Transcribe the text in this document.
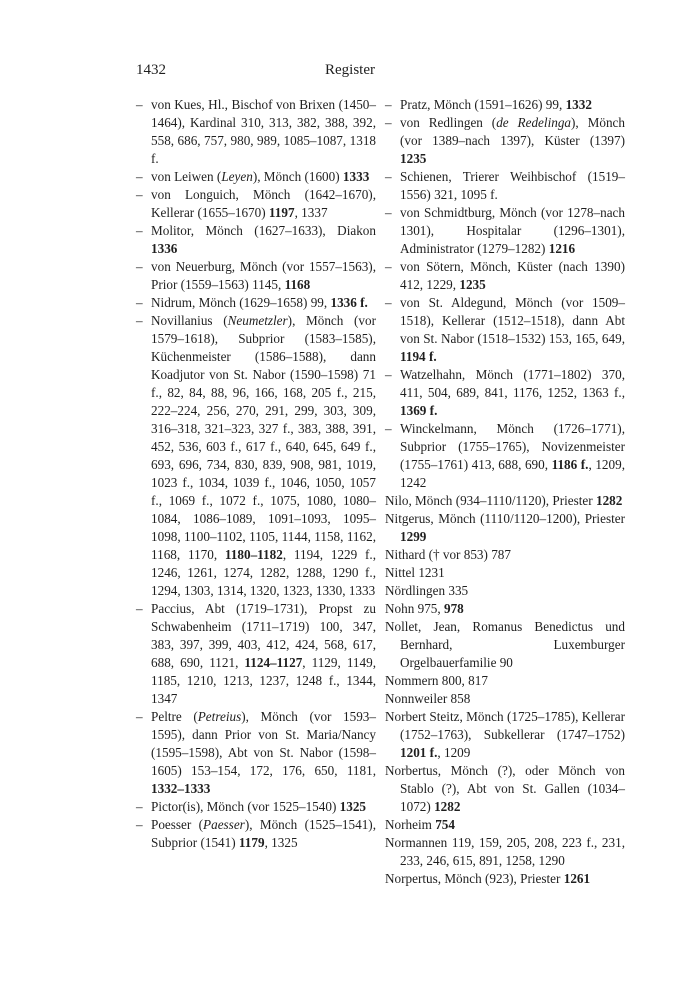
1432	Register

– von Kues, Hl., Bischof von Brixen (1450–1464), Kardinal 310, 313, 382, 388, 392, 558, 686, 757, 980, 989, 1085–1087, 1318 f.

– von Leiwen (Leyen), Mönch (1600) 1333

– von Longuich, Mönch (1642–1670), Kellerar (1655–1670) 1197, 1337

– Molitor, Mönch (1627–1633), Diakon 1336

– von Neuerburg, Mönch (vor 1557–1563), Prior (1559–1563) 1145, 1168

– Nidrum, Mönch (1629–1658) 99, 1336 f.

– Novillanius (Neumetzler), Mönch (vor 1579–1618), Subprior (1583–1585), Küchenmeister (1586–1588), dann Koadjutor von St. Nabor (1590–1598) 71 f., 82, 84, 88, 96, 166, 168, 205 f., 215, 222–224, 256, 270, 291, 299, 303, 309, 316–318, 321–323, 327 f., 383, 388, 391, 452, 536, 603 f., 617 f., 640, 645, 649 f., 693, 696, 734, 830, 839, 908, 981, 1019, 1023 f., 1034, 1039 f., 1046, 1050, 1057 f., 1069 f., 1072 f., 1075, 1080, 1080–1084, 1086–1089, 1091–1093, 1095–1098, 1100–1102, 1105, 1144, 1158, 1162, 1168, 1170, 1180–1182, 1194, 1229 f., 1246, 1261, 1274, 1282, 1288, 1290 f., 1294, 1303, 1314, 1320, 1323, 1330, 1333

– Paccius, Abt (1719–1731), Propst zu Schwabenheim (1711–1719) 100, 347, 383, 397, 399, 403, 412, 424, 568, 617, 688, 690, 1121, 1124–1127, 1129, 1149, 1185, 1210, 1213, 1237, 1248 f., 1344, 1347

– Peltre (Petreius), Mönch (vor 1593–1595), dann Prior von St. Maria/Nancy (1595–1598), Abt von St. Nabor (1598–1605) 153–154, 172, 176, 650, 1181, 1332–1333

– Pictor(is), Mönch (vor 1525–1540) 1325

– Poesser (Paesser), Mönch (1525–1541), Subprior (1541) 1179, 1325

– Pratz, Mönch (1591–1626) 99, 1332

– von Redlingen (de Redelinga), Mönch (vor 1389–nach 1397), Küster (1397) 1235

– Schienen, Trierer Weihbischof (1519–1556) 321, 1095 f.

– von Schmidtburg, Mönch (vor 1278–nach 1301), Hospitalar (1296–1301), Administrator (1279–1282) 1216

– von Sötern, Mönch, Küster (nach 1390) 412, 1229, 1235

– von St. Aldegund, Mönch (vor 1509–1518), Kellerar (1512–1518), dann Abt von St. Nabor (1518–1532) 153, 165, 649, 1194 f.

– Watzelhahn, Mönch (1771–1802) 370, 411, 504, 689, 841, 1176, 1252, 1363 f., 1369 f.

– Winckelmann, Mönch (1726–1771), Subprior (1755–1765), Novizenmeister (1755–1761) 413, 688, 690, 1186 f., 1209, 1242

Nilo, Mönch (934–1110/1120), Priester 1282

Nitgerus, Mönch (1110/1120–1200), Priester 1299

Nithard († vor 853) 787

Nittel 1231

Nördlingen 335

Nohn 975, 978

Nollet, Jean, Romanus Benedictus und Bernhard, Luxemburger Orgelbauerfamilie 90

Nommern 800, 817

Nonnweiler 858

Norbert Steitz, Mönch (1725–1785), Kellerar (1752–1763), Subkellerar (1747–1752) 1201 f., 1209

Norbertus, Mönch (?), oder Mönch von Stablo (?), Abt von St. Gallen (1034–1072) 1282

Norheim 754

Normannen 119, 159, 205, 208, 223 f., 231, 233, 246, 615, 891, 1258, 1290

Norpertus, Mönch (923), Priester 1261
